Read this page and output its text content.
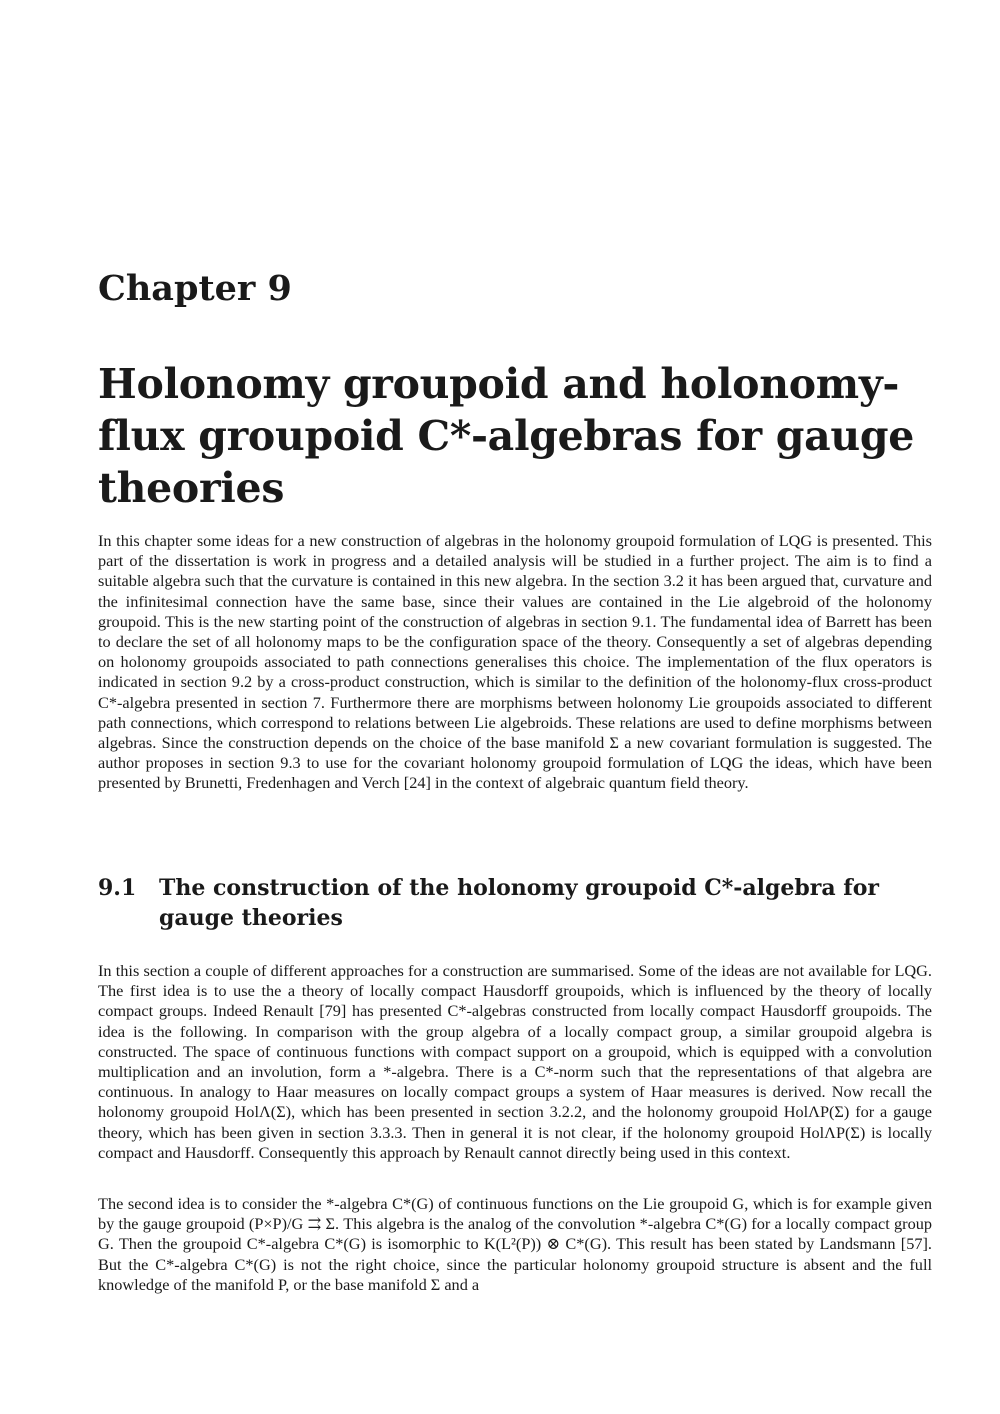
Chapter 9
Holonomy groupoid and holonomy-flux groupoid C*-algebras for gauge theories

In this chapter some ideas for a new construction of algebras in the holonomy groupoid formulation of LQG is presented. This part of the dissertation is work in progress and a detailed analysis will be studied in a further project. The aim is to find a suitable algebra such that the curvature is contained in this new algebra. In the section 3.2 it has been argued that, curvature and the infinitesimal connection have the same base, since their values are contained in the Lie algebroid of the holonomy groupoid. This is the new starting point of the construction of algebras in section 9.1. The fundamental idea of Barrett has been to declare the set of all holonomy maps to be the configuration space of the theory. Consequently a set of algebras depending on holonomy groupoids associated to path connections generalises this choice. The implementation of the flux operators is indicated in section 9.2 by a cross-product construction, which is similar to the definition of the holonomy-flux cross-product C*-algebra presented in section 7. Furthermore there are morphisms between holonomy Lie groupoids associated to different path connections, which correspond to relations between Lie algebroids. These relations are used to define morphisms between algebras. Since the construction depends on the choice of the base manifold Σ a new covariant formulation is suggested. The author proposes in section 9.3 to use for the covariant holonomy groupoid formulation of LQG the ideas, which have been presented by Brunetti, Fredenhagen and Verch [24] in the context of algebraic quantum field theory.

9.1 The construction of the holonomy groupoid C*-algebra for gauge theories

In this section a couple of different approaches for a construction are summarised. Some of the ideas are not available for LQG. The first idea is to use the a theory of locally compact Hausdorff groupoids, which is influenced by the theory of locally compact groups. Indeed Renault [79] has presented C*-algebras constructed from locally compact Hausdorff groupoids. The idea is the following. In comparison with the group algebra of a locally compact group, a similar groupoid algebra is constructed. The space of continuous functions with compact support on a groupoid, which is equipped with a convolution multiplication and an involution, form a *-algebra. There is a C*-norm such that the representations of that algebra are continuous. In analogy to Haar measures on locally compact groups a system of Haar measures is derived. Now recall the holonomy groupoid HolΛ(Σ), which has been presented in section 3.2.2, and the holonomy groupoid HolΛP(Σ) for a gauge theory, which has been given in section 3.3.3. Then in general it is not clear, if the holonomy groupoid HolΛP(Σ) is locally compact and Hausdorff. Consequently this approach by Renault cannot directly being used in this context.

The second idea is to consider the *-algebra C*(G) of continuous functions on the Lie groupoid G, which is for example given by the gauge groupoid (P×P)/G ⇉ Σ. This algebra is the analog of the convolution *-algebra C*(G) for a locally compact group G. Then the groupoid C*-algebra C*(G) is isomorphic to K(L²(P)) ⊗ C*(G). This result has been stated by Landsmann [57]. But the C*-algebra C*(G) is not the right choice, since the particular holonomy groupoid structure is absent and the full knowledge of the manifold P, or the base manifold Σ and a
